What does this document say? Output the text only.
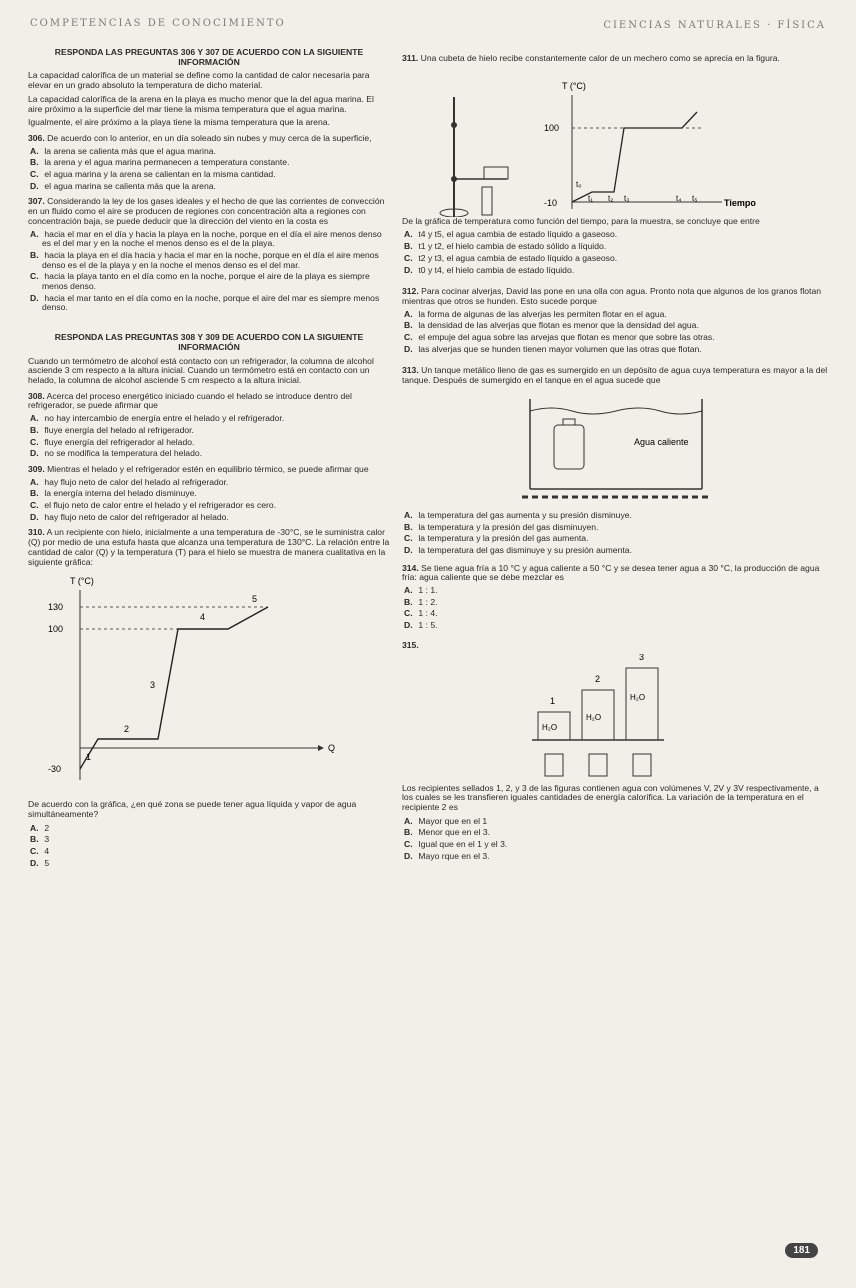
COMPETENCIAS DE CONOCIMIENTO	CIENCIAS NATURALES · FÍSICA
RESPONDA LAS PREGUNTAS 306 Y 307 DE ACUERDO CON LA SIGUIENTE INFORMACIÓN

La capacidad calorífica de un material se define como la cantidad de calor necesaria para elevar en un grado absoluto la temperatura de dicho material.

La capacidad calorífica de la arena en la playa es mucho menor que la del agua marina. El aire próximo a la superficie del mar tiene la misma temperatura que el agua marina.

Igualmente, el aire próximo a la playa tiene la misma temperatura que la arena.

306. De acuerdo con lo anterior, en un día soleado sin nubes y muy cerca de la superficie,
A. la arena se calienta más que el agua marina.
B. la arena y el agua marina permanecen a temperatura constante.
C. el agua marina y la arena se calientan en la misma cantidad.
D. el agua marina se calienta más que la arena.
307. Considerando la ley de los gases ideales y el hecho de que las corrientes de convección en un fluido como el aire se producen de regiones con concentración alta a regiones con concentración baja, se puede deducir que la dirección del viento en la costa es
A. hacia el mar en el día y hacia la playa en la noche, porque en el día el aire menos denso es el del mar y en la noche el menos denso es el de la playa.
B. hacia la playa en el día hacia y hacia el mar en la noche, porque en el día el aire menos denso es el de la playa y en la noche el menos denso es el del mar.
C. hacia la playa tanto en el día como en la noche, porque el aire de la playa es siempre menos denso.
D. hacia el mar tanto en el día como en la noche, porque el aire del mar es siempre menos denso.
RESPONDA LAS PREGUNTAS 308 Y 309 DE ACUERDO CON LA SIGUIENTE INFORMACIÓN

Cuando un termómetro de alcohol está contacto con un refrigerador, la columna de alcohol asciende 3 cm respecto a la altura inicial. Cuando un termómetro está en contacto con un helado, la columna de alcohol asciende 5 cm respecto a la altura inicial.

308. Acerca del proceso energético iniciado cuando el helado se introduce dentro del refrigerador, se puede afirmar que
A. no hay intercambio de energía entre el helado y el refrigerador.
B. fluye energía del helado al refrigerador.
C. fluye energía del refrigerador al helado.
D. no se modifica la temperatura del helado.
309. Mientras el helado y el refrigerador estén en equilibrio térmico, se puede afirmar que
A. hay flujo neto de calor del helado al refrigerador.
B. la energía interna del helado disminuye.
C. el flujo neto de calor entre el helado y el refrigerador es cero.
D. hay flujo neto de calor del refrigerador al helado.
310. A un recipiente con hielo, inicialmente a una temperatura de -30°C, se le suministra calor (Q) por medio de una estufa hasta que alcanza una temperatura de 130°C. La relación entre la cantidad de calor (Q) y la temperatura (T) para el hielo se muestra de manera cualitativa en la siguiente gráfica:
T (°C)
Q
130
100
-30
1
2
3
4
5

De acuerdo con la gráfica, ¿en qué zona se puede tener agua líquida y vapor de agua simultáneamente?

A. 2
B. 3
C. 4
D. 5
311. Una cubeta de hielo recibe constantemente calor de un mechero como se aprecia en la figura.
T (°C)
Tiempo
100
-10
t₀
t₁ t₂ t₃	t₄ t₅

De la gráfica de temperatura como función del tiempo, para la muestra, se concluye que entre

A. t4 y t5, el agua cambia de estado líquido a gaseoso.
B. t1 y t2, el hielo cambia de estado sólido a líquido.
C. t2 y t3, el agua cambia de estado líquido a gaseoso.
D. t0 y t4, el hielo cambia de estado líquido.
312. Para cocinar alverjas, David las pone en una olla con agua. Pronto nota que algunos de los granos flotan mientras que otros se hunden. Esto sucede porque
A. la forma de algunas de las alverjas les permiten flotar en el agua.
B. la densidad de las alverjas que flotan es menor que la densidad del agua.
C. el empuje del agua sobre las arvejas que flotan es menor que sobre las otras.
D. las alverjas que se hunden tienen mayor volumen que las otras que flotan.
313. Un tanque metálico lleno de gas es sumergido en un depósito de agua cuya temperatura es mayor a la del tanque. Después de sumergido en el tanque en el agua sucede que
Agua caliente
A. la temperatura del gas aumenta y su presión disminuye.
B. la temperatura y la presión del gas disminuyen.
C. la temperatura y la presión del gas aumenta.
D. la temperatura del gas disminuye y su presión aumenta.
314. Se tiene agua fría a 10 °C y agua caliente a 50 °C y se desea tener agua a 30 °C, la producción de agua fría: agua caliente que se debe mezclar es
A. 1 : 1.
B. 1 : 2.
C. 1 : 4.
D. 1 : 5.
315.
1
2
3
H₂O
H₂O
H₂O

Los recipientes sellados 1, 2, y 3 de las figuras contienen agua con volúmenes V, 2V y 3V respectivamente, a los cuales se les transfieren iguales cantidades de energía calorífica. La variación de la temperatura en el recipiente 2 es

A. Mayor que en el 1
B. Menor que en el 3.
C. Igual que en el 1 y el 3.
D. Mayo rque en el 3.
181
